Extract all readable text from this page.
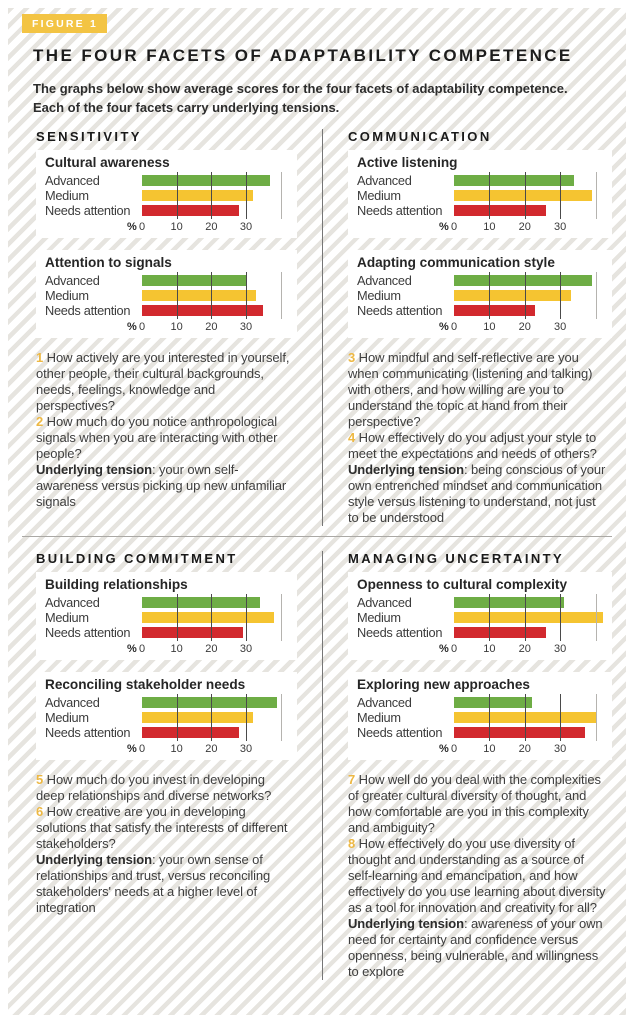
FIGURE 1
THE FOUR FACETS OF ADAPTABILITY COMPETENCE

The graphs below show average scores for the four facets of adaptability competence. Each of the four facets carry underlying tensions.

SENSITIVITY
Cultural awareness
Advanced
Medium
Needs attention
% 0 10 20 30
Attention to signals
Advanced
Medium
Needs attention
% 0 10 20 30

1 How actively are you interested in yourself, other people, their cultural backgrounds, needs, feelings, knowledge and perspectives?

2 How much do you notice anthropological signals when you are interacting with other people?

Underlying tension: your own self-awareness versus picking up new unfamiliar signals

COMMUNICATION
Active listening
Advanced
Medium
Needs attention
% 0 10 20 30
Adapting communication style
Advanced
Medium
Needs attention
% 0 10 20 30

3 How mindful and self-reflective are you when communicating (listening and talking) with others, and how willing are you to understand the topic at hand from their perspective?

4 How effectively do you adjust your style to meet the expectations and needs of others?

Underlying tension: being conscious of your own entrenched mindset and communication style versus listening to understand, not just to be understood

BUILDING COMMITMENT
Building relationships
Advanced
Medium
Needs attention
% 0 10 20 30
Reconciling stakeholder needs
Advanced
Medium
Needs attention
% 0 10 20 30

5 How much do you invest in developing deep relationships and diverse networks?

6 How creative are you in developing solutions that satisfy the interests of different stakeholders?

Underlying tension: your own sense of relationships and trust, versus reconciling stakeholders' needs at a higher level of integration

MANAGING UNCERTAINTY
Openness to cultural complexity
Advanced
Medium
Needs attention
% 0 10 20 30
Exploring new approaches
Advanced
Medium
Needs attention
% 0 10 20 30

7 How well do you deal with the complexities of greater cultural diversity of thought, and how comfortable are you in this complexity and ambiguity?

8 How effectively do you use diversity of thought and understanding as a source of self-learning and emancipation, and how effectively do you use learning about diversity as a tool for innovation and creativity for all?

Underlying tension: awareness of your own need for certainty and confidence versus openness, being vulnerable, and willingness to explore
